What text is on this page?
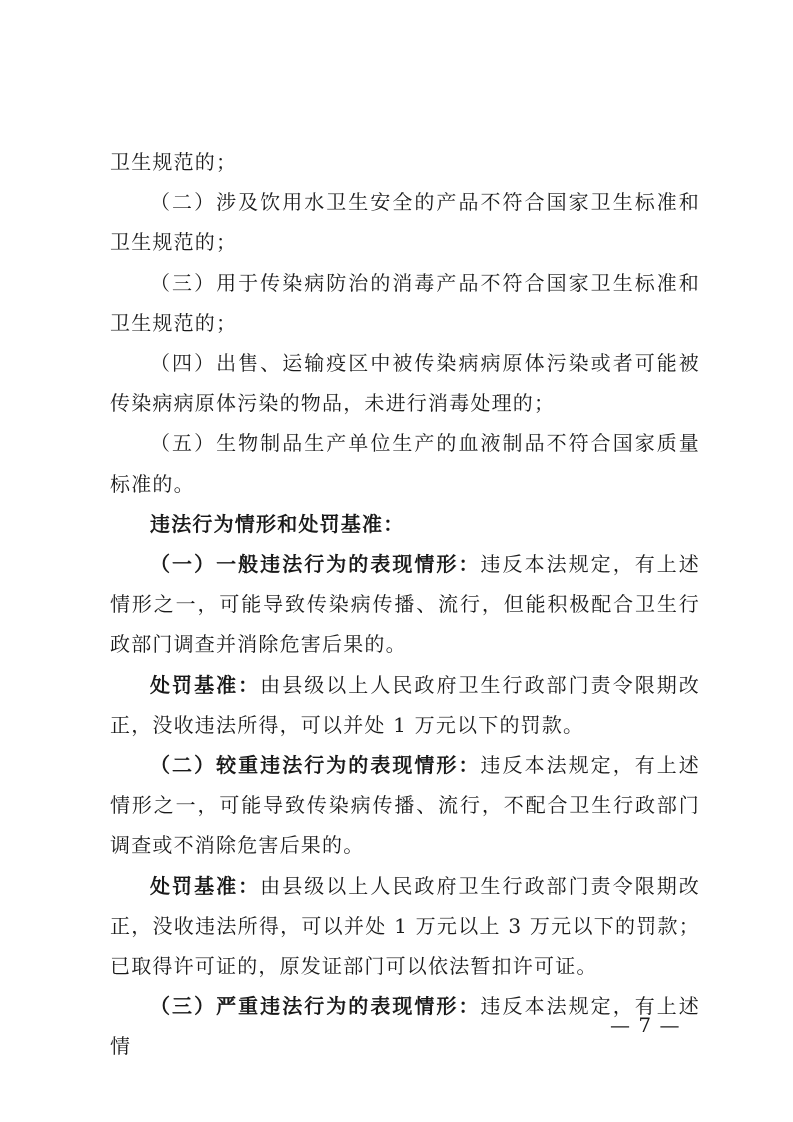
卫生规范的；

（二）涉及饮用水卫生安全的产品不符合国家卫生标准和卫生规范的；

（三）用于传染病防治的消毒产品不符合国家卫生标准和卫生规范的；

（四）出售、运输疫区中被传染病病原体污染或者可能被传染病病原体污染的物品，未进行消毒处理的；

（五）生物制品生产单位生产的血液制品不符合国家质量标准的。

违法行为情形和处罚基准：

（一）一般违法行为的表现情形：违反本法规定，有上述情形之一，可能导致传染病传播、流行，但能积极配合卫生行政部门调查并消除危害后果的。

处罚基准：由县级以上人民政府卫生行政部门责令限期改正，没收违法所得，可以并处 1 万元以下的罚款。

（二）较重违法行为的表现情形：违反本法规定，有上述情形之一，可能导致传染病传播、流行，不配合卫生行政部门调查或不消除危害后果的。

处罚基准：由县级以上人民政府卫生行政部门责令限期改正，没收违法所得，可以并处 1 万元以上 3 万元以下的罚款；已取得许可证的，原发证部门可以依法暂扣许可证。

（三）严重违法行为的表现情形：违反本法规定，有上述情

— 7 —
